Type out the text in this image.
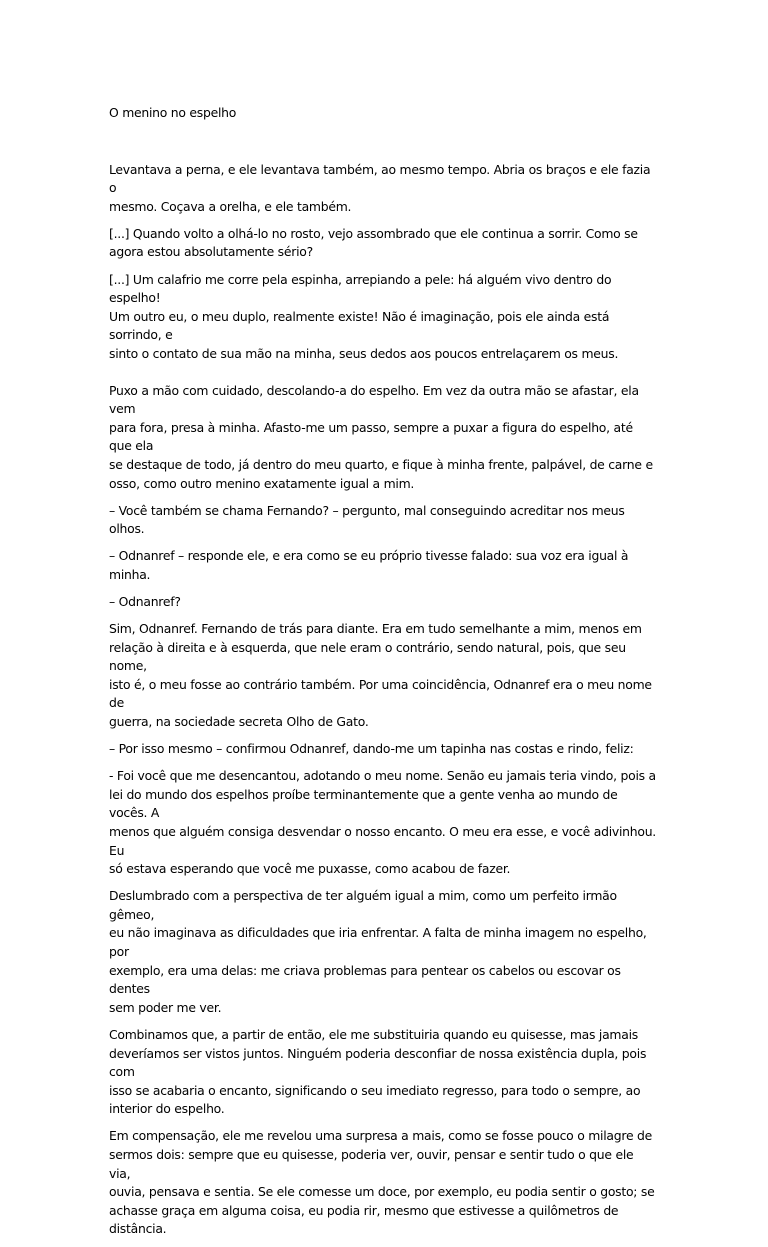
O menino no espelho
Levantava a perna, e ele levantava também, ao mesmo tempo. Abria os braços e ele fazia o
mesmo. Coçava a orelha, e ele também.
[...] Quando volto a olhá-lo no rosto, vejo assombrado que ele continua a sorrir. Como se
agora estou absolutamente sério?
[...] Um calafrio me corre pela espinha, arrepiando a pele: há alguém vivo dentro do espelho!
Um outro eu, o meu duplo, realmente existe! Não é imaginação, pois ele ainda está sorrindo, e
sinto o contato de sua mão na minha, seus dedos aos poucos entrelaçarem os meus.
Puxo a mão com cuidado, descolando-a do espelho. Em vez da outra mão se afastar, ela vem
para fora, presa à minha. Afasto-me um passo, sempre a puxar a figura do espelho, até que ela
se destaque de todo, já dentro do meu quarto, e fique à minha frente, palpável, de carne e
osso, como outro menino exatamente igual a mim.
– Você também se chama Fernando? – pergunto, mal conseguindo acreditar nos meus olhos.
– Odnanref – responde ele, e era como se eu próprio tivesse falado: sua voz era igual à
minha.
– Odnanref?
Sim, Odnanref. Fernando de trás para diante. Era em tudo semelhante a mim, menos em
relação à direita e à esquerda, que nele eram o contrário, sendo natural, pois, que seu nome,
isto é, o meu fosse ao contrário também. Por uma coincidência, Odnanref era o meu nome de
guerra, na sociedade secreta Olho de Gato.
– Por isso mesmo – confirmou Odnanref, dando-me um tapinha nas costas e rindo, feliz:
- Foi você que me desencantou, adotando o meu nome. Senão eu jamais teria vindo, pois a
lei do mundo dos espelhos proíbe terminantemente que a gente venha ao mundo de vocês. A
menos que alguém consiga desvendar o nosso encanto. O meu era esse, e você adivinhou. Eu
só estava esperando que você me puxasse, como acabou de fazer.
Deslumbrado com a perspectiva de ter alguém igual a mim, como um perfeito irmão gêmeo,
eu não imaginava as dificuldades que iria enfrentar. A falta de minha imagem no espelho, por
exemplo, era uma delas: me criava problemas para pentear os cabelos ou escovar os dentes
sem poder me ver.
Combinamos que, a partir de então, ele me substituiria quando eu quisesse, mas jamais
deveríamos ser vistos juntos. Ninguém poderia desconfiar de nossa existência dupla, pois com
isso se acabaria o encanto, significando o seu imediato regresso, para todo o sempre, ao
interior do espelho.
Em compensação, ele me revelou uma surpresa a mais, como se fosse pouco o milagre de
sermos dois: sempre que eu quisesse, poderia ver, ouvir, pensar e sentir tudo o que ele via,
ouvia, pensava e sentia. Se ele comesse um doce, por exemplo, eu podia sentir o gosto; se
achasse graça em alguma coisa, eu podia rir, mesmo que estivesse a quilômetros de distância.
